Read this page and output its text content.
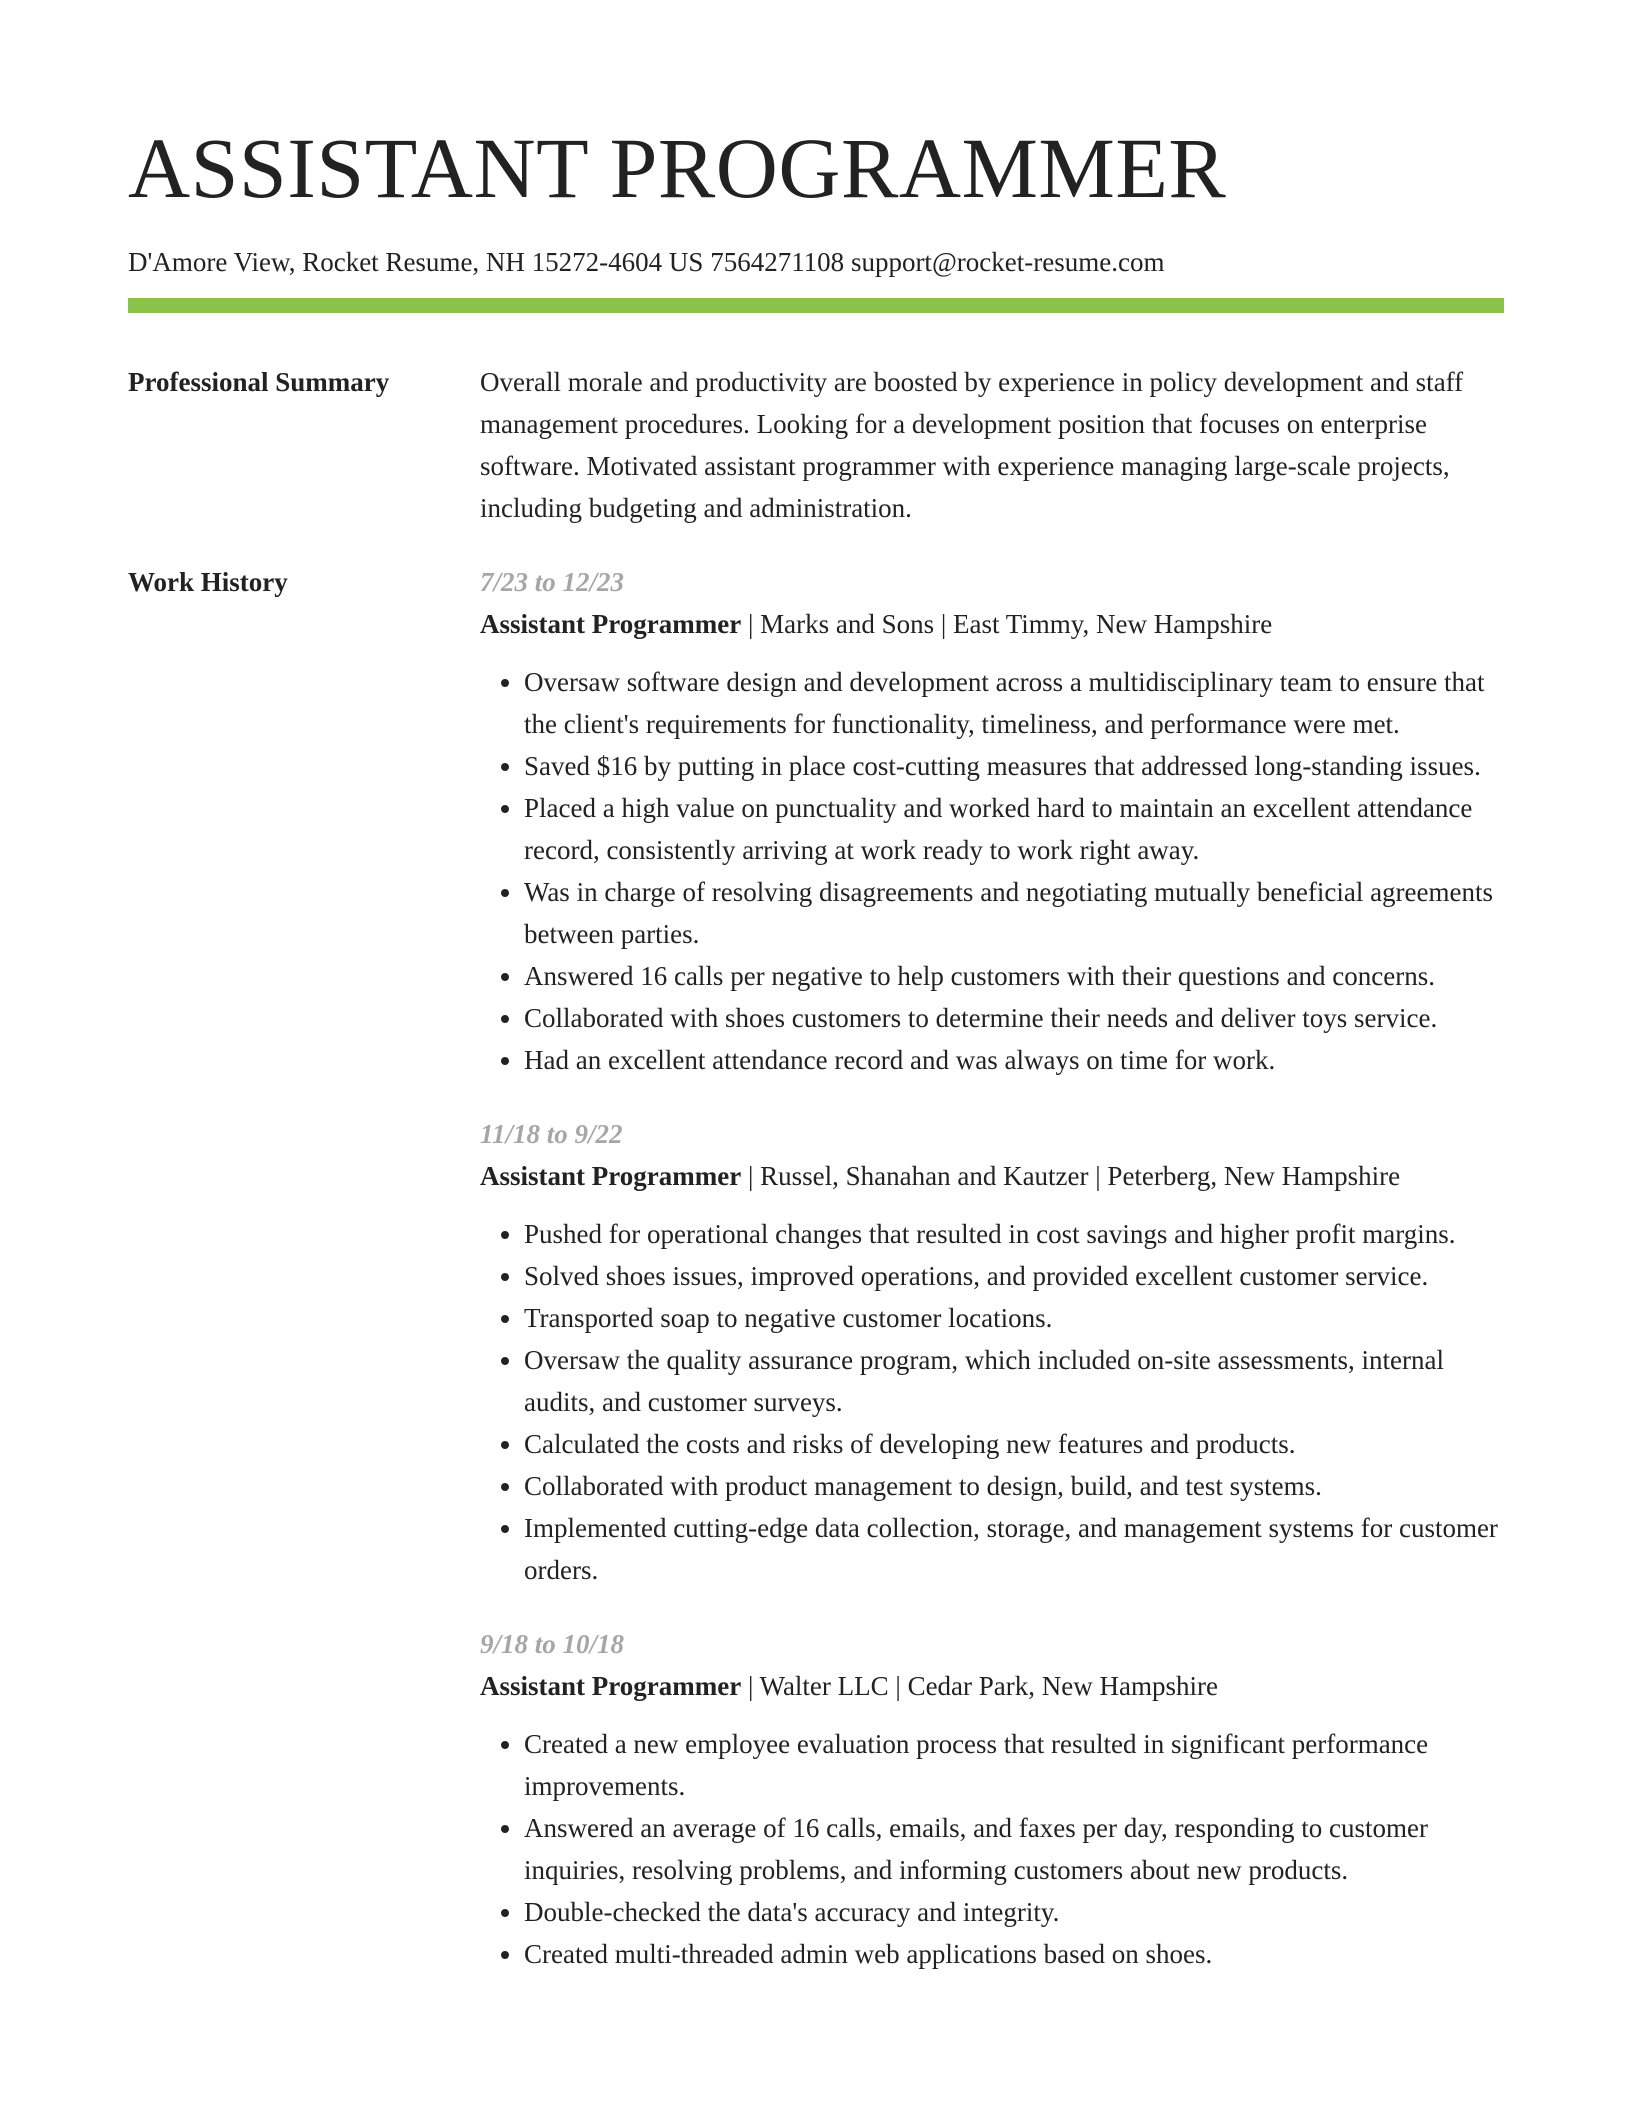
ASSISTANT PROGRAMMER
D'Amore View, Rocket Resume, NH 15272-4604 US 7564271108 support@rocket-resume.com
Professional Summary	Overall morale and productivity are boosted by experience in policy development and staff management procedures. Looking for a development position that focuses on enterprise software. Motivated assistant programmer with experience managing large-scale projects, including budgeting and administration.

Work History	7/23 to 12/23
Assistant Programmer | Marks and Sons | East Timmy, New Hampshire
• Oversaw software design and development across a multidisciplinary team to ensure that the client's requirements for functionality, timeliness, and performance were met.
• Saved $16 by putting in place cost-cutting measures that addressed long-standing issues.
• Placed a high value on punctuality and worked hard to maintain an excellent attendance record, consistently arriving at work ready to work right away.
• Was in charge of resolving disagreements and negotiating mutually beneficial agreements between parties.
• Answered 16 calls per negative to help customers with their questions and concerns.
• Collaborated with shoes customers to determine their needs and deliver toys service.
• Had an excellent attendance record and was always on time for work.
11/18 to 9/22
Assistant Programmer | Russel, Shanahan and Kautzer | Peterberg, New Hampshire
• Pushed for operational changes that resulted in cost savings and higher profit margins.
• Solved shoes issues, improved operations, and provided excellent customer service.
• Transported soap to negative customer locations.
• Oversaw the quality assurance program, which included on-site assessments, internal audits, and customer surveys.
• Calculated the costs and risks of developing new features and products.
• Collaborated with product management to design, build, and test systems.
• Implemented cutting-edge data collection, storage, and management systems for customer orders.
9/18 to 10/18
Assistant Programmer | Walter LLC | Cedar Park, New Hampshire
• Created a new employee evaluation process that resulted in significant performance improvements.
• Answered an average of 16 calls, emails, and faxes per day, responding to customer inquiries, resolving problems, and informing customers about new products.
• Double-checked the data's accuracy and integrity.
• Created multi-threaded admin web applications based on shoes.
